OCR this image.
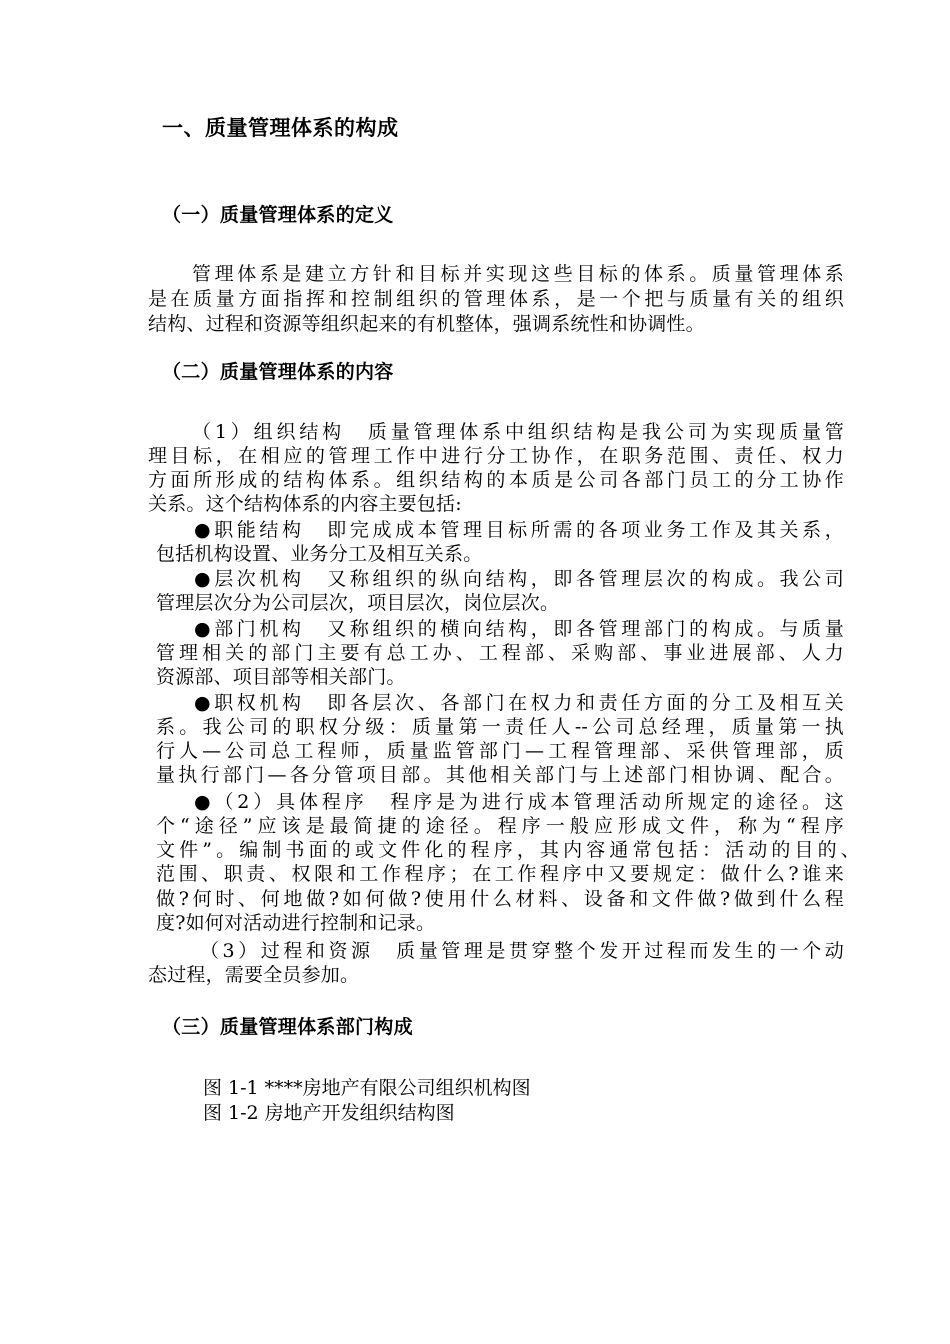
一、质量管理体系的构成
（一）质量管理体系的定义
管理体系是建立方针和目标并实现这些目标的体系。质量管理体系
是在质量方面指挥和控制组织的管理体系，是一个把与质量有关的组织
结构、过程和资源等组织起来的有机整体，强调系统性和协调性。
（二）质量管理体系的内容
（1）组织结构　质量管理体系中组织结构是我公司为实现质量管
理目标，在相应的管理工作中进行分工协作，在职务范围、责任、权力
方面所形成的结构体系。组织结构的本质是公司各部门员工的分工协作
关系。这个结构体系的内容主要包括:
●职能结构　即完成成本管理目标所需的各项业务工作及其关系，
包括机构设置、业务分工及相互关系。
●层次机构　又称组织的纵向结构，即各管理层次的构成。我公司
管理层次分为公司层次，项目层次，岗位层次。
●部门机构　又称组织的横向结构，即各管理部门的构成。与质量
管理相关的部门主要有总工办、工程部、采购部、事业进展部、人力
资源部、项目部等相关部门。
●职权机构　即各层次、各部门在权力和责任方面的分工及相互关
系。我公司的职权分级：质量第一责任人--公司总经理，质量第一执
行人—公司总工程师，质量监管部门—工程管理部、采供管理部，质
量执行部门—各分管项目部。其他相关部门与上述部门相协调、配合。
●（2）具体程序　程序是为进行成本管理活动所规定的途径。这
个“途径”应该是最简捷的途径。程序一般应形成文件，称为“程序
文件”。编制书面的或文件化的程序，其内容通常包括：活动的目的、
范围、职责、权限和工作程序；在工作程序中又要规定：做什么?谁来
做?何时、何地做?如何做?使用什么材料、设备和文件做?做到什么程
度?如何对活动进行控制和记录。
（3）过程和资源　质量管理是贯穿整个发开过程而发生的一个动
态过程，需要全员参加。
（三）质量管理体系部门构成
图 1-1 ****房地产有限公司组织机构图
图 1-2 房地产开发组织结构图
